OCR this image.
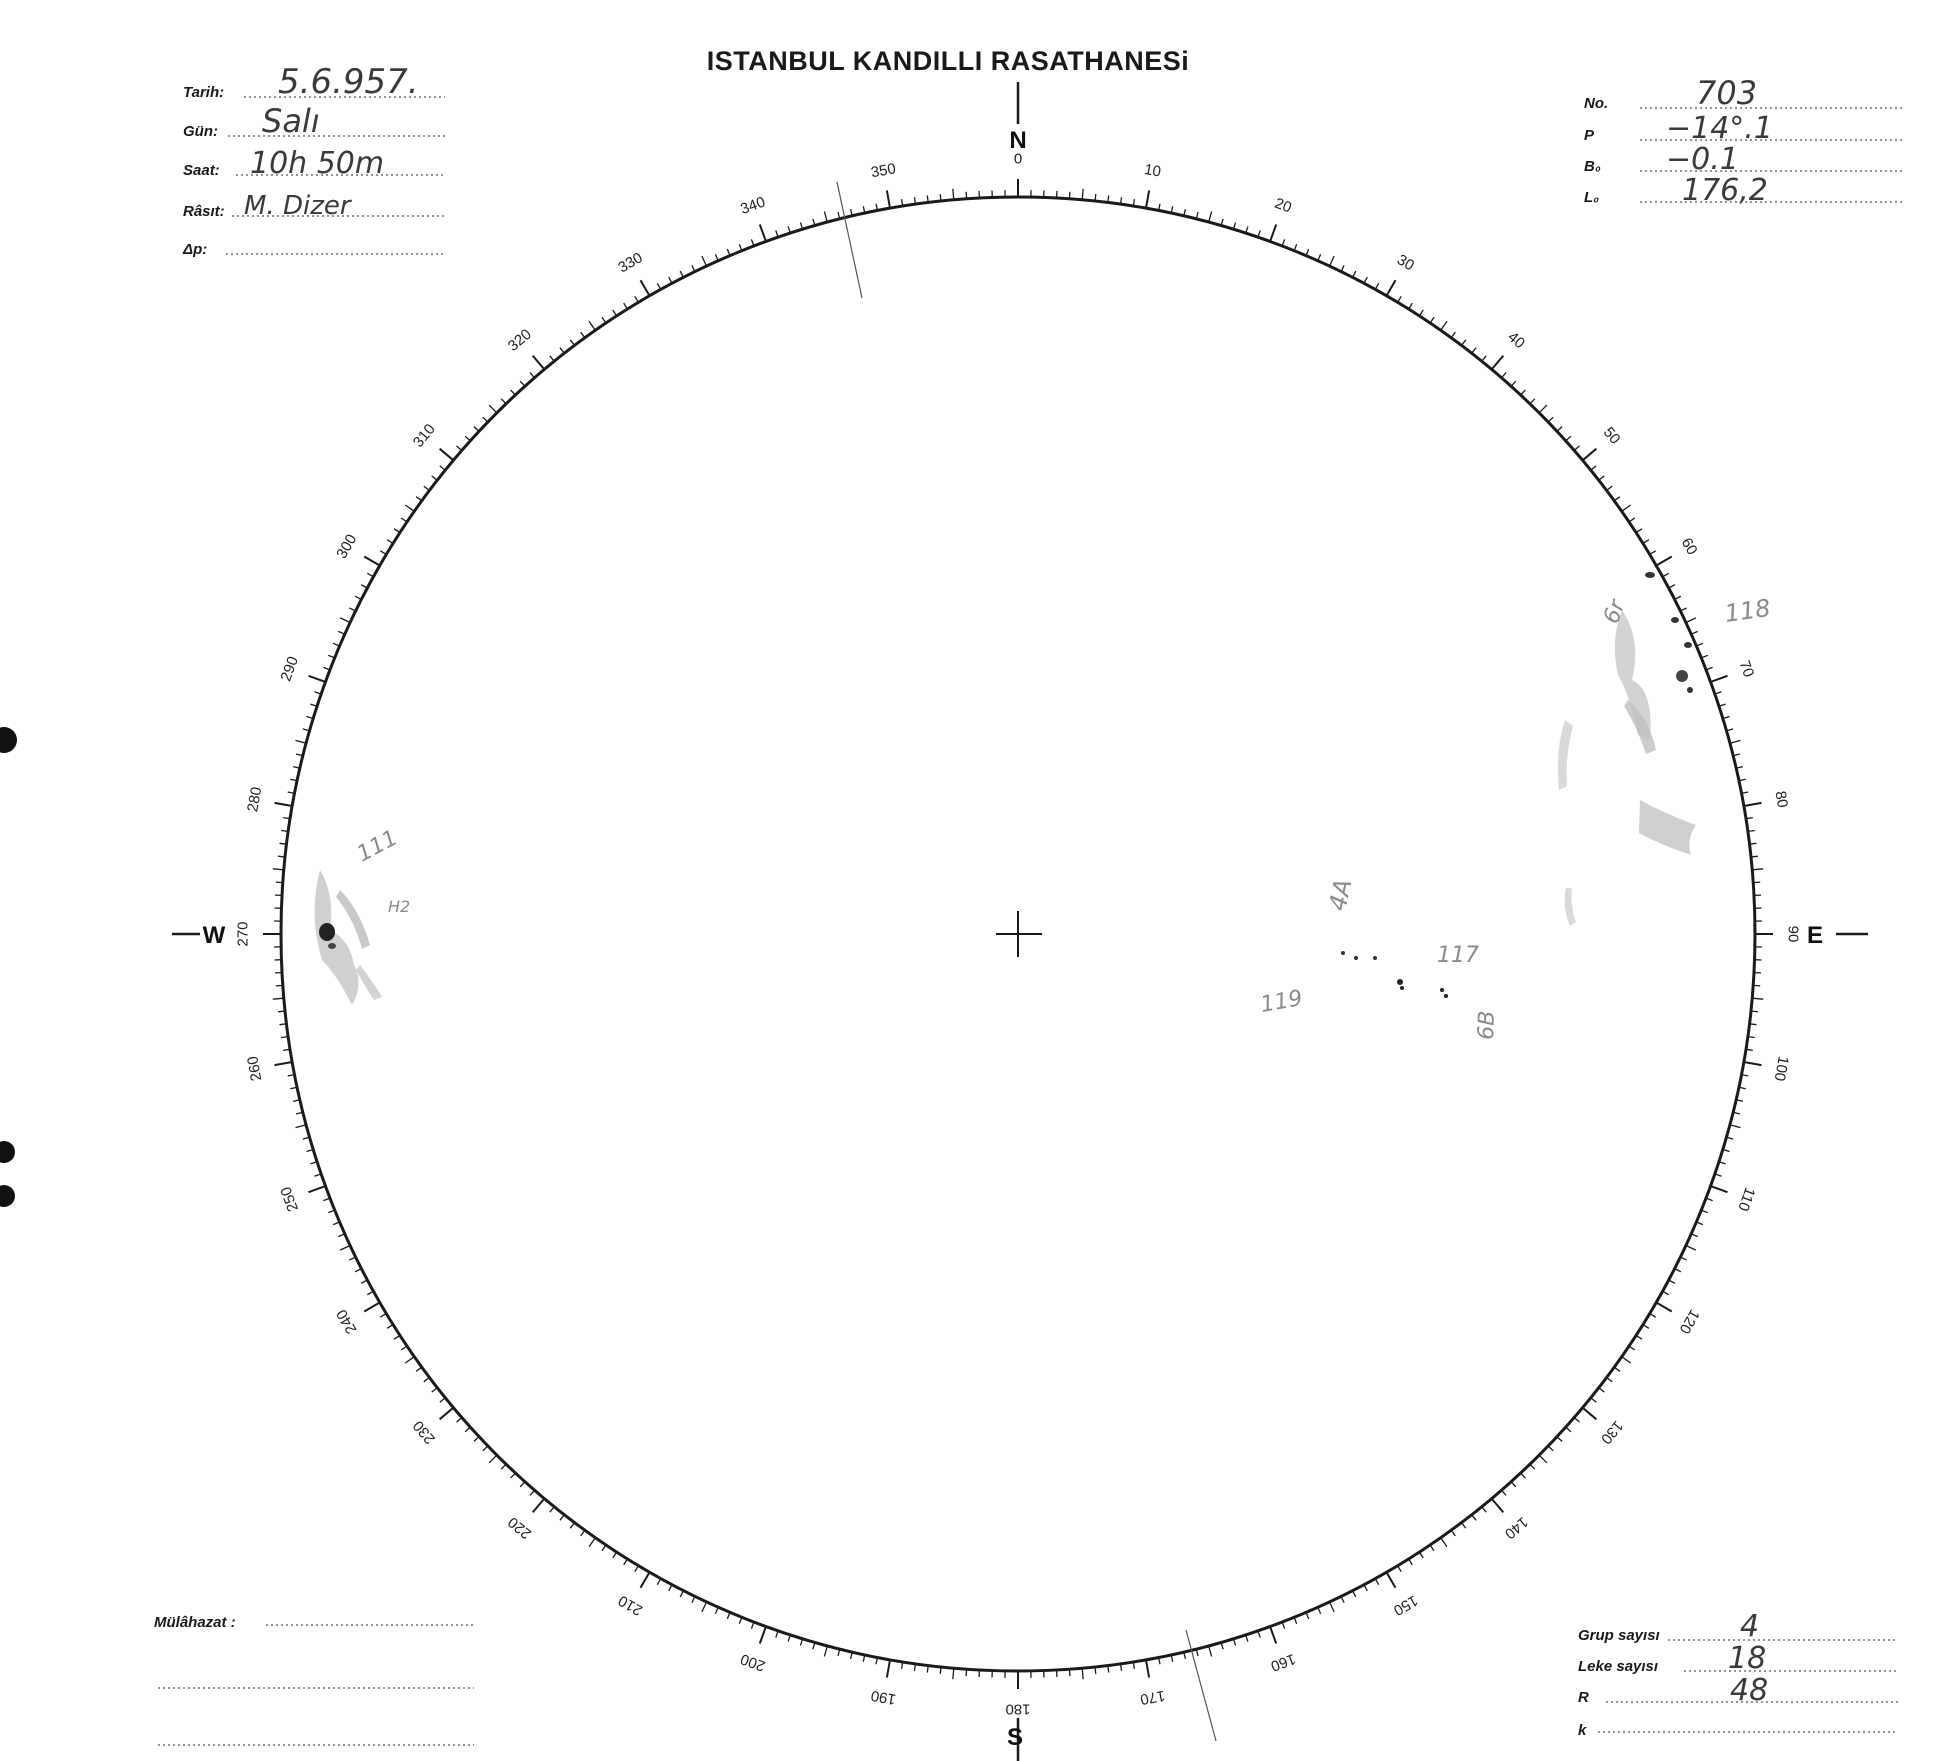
ISTANBUL KANDILLI RASATHANESi
Tarih: 5.6.957.
Gün: Salı
Saat: 10h 50m
Râsıt: M. Dizer
Δp:
No.	703
P −14°.1
B₀ −0.1
L₀	176,2
10
20
30
40
50
60
70
80
90
100
110
120
130
140
150
160
170
180
190
200
210
220
230
240
250
260
270
280
290
300
310
320
330
340
350
0
N
S
W	E
118
111
H2	4A
117
119
6B
6r
Mülâhazat :
Grup sayısı	4
Leke sayısı 18
R	48
k
